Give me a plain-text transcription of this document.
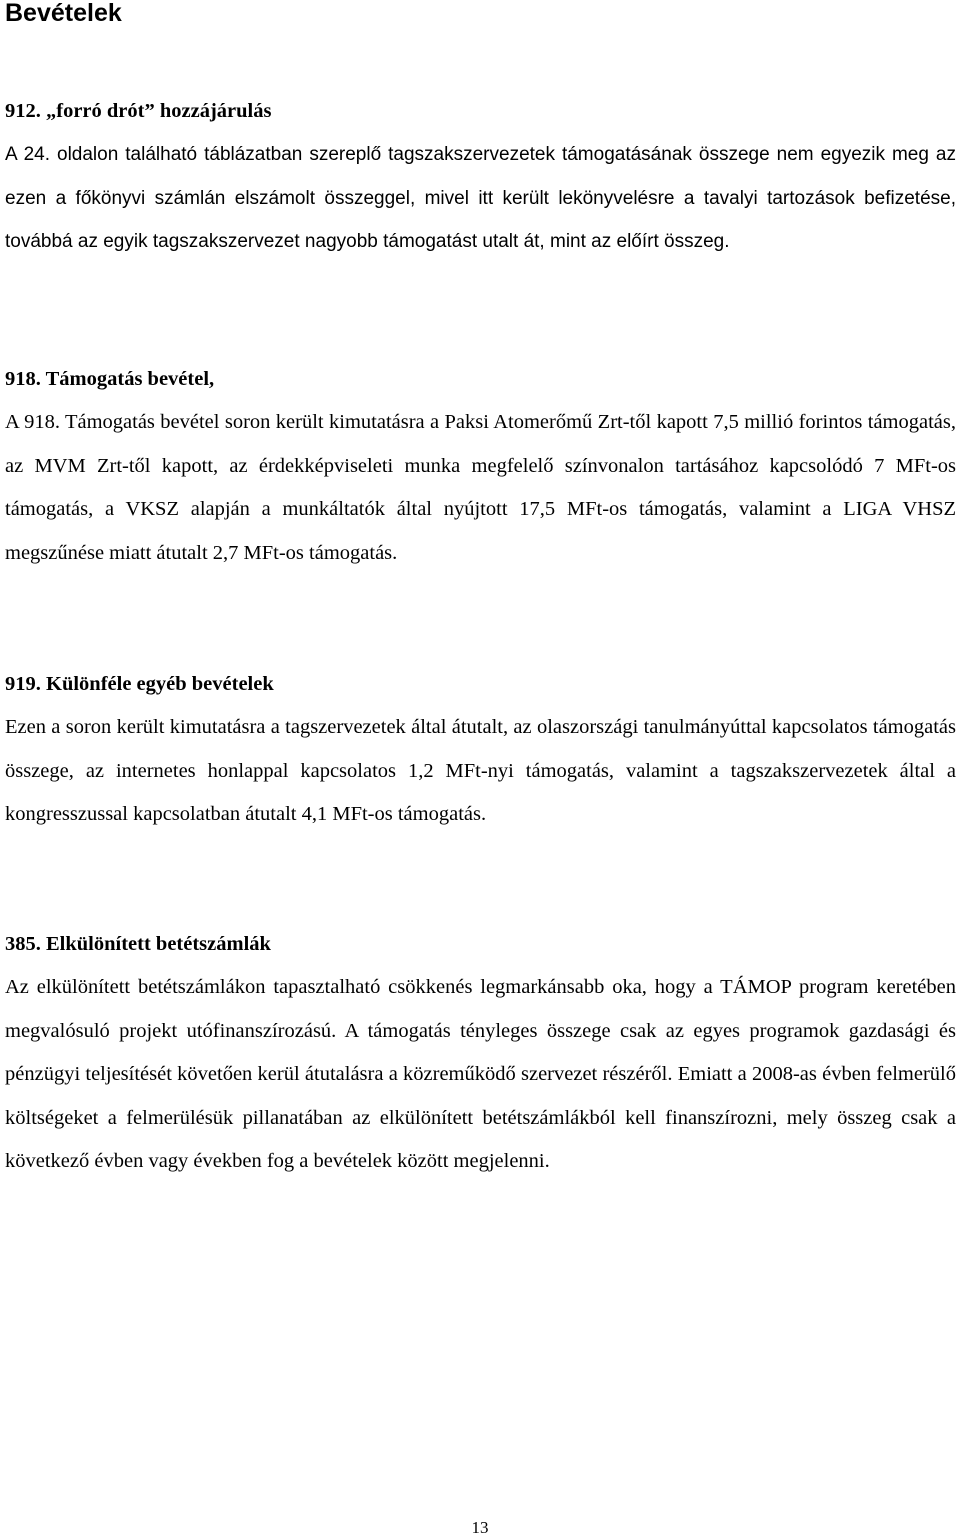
Bevételek
912. „forró drót” hozzájárulás

A 24. oldalon található táblázatban szereplő tagszakszervezetek támogatásának összege nem egyezik meg az ezen a főkönyvi számlán elszámolt összeggel, mivel itt került lekönyvelésre a tavalyi tartozások befizetése, továbbá az egyik tagszakszervezet nagyobb támogatást utalt át, mint az előírt összeg.

918. Támogatás bevétel,

A 918. Támogatás bevétel soron került kimutatásra a Paksi Atomerőmű Zrt-től kapott 7,5 millió forintos támogatás, az MVM Zrt-től kapott, az érdekképviseleti munka megfelelő színvonalon tartásához kapcsolódó 7 MFt-os támogatás, a VKSZ alapján a munkáltatók által nyújtott 17,5 MFt-os támogatás, valamint a LIGA VHSZ megszűnése miatt átutalt 2,7 MFt-os támogatás.

919. Különféle egyéb bevételek

Ezen a soron került kimutatásra a tagszervezetek által átutalt, az olaszországi tanulmányúttal kapcsolatos támogatás összege, az internetes honlappal kapcsolatos 1,2 MFt-nyi támogatás, valamint a tagszakszervezetek által a kongresszussal kapcsolatban átutalt 4,1 MFt-os támogatás.

385. Elkülönített betétszámlák

Az elkülönített betétszámlákon tapasztalható csökkenés legmarkánsabb oka, hogy a TÁMOP program keretében megvalósuló projekt utófinanszírozású. A támogatás tényleges összege csak az egyes programok gazdasági és pénzügyi teljesítését követően kerül átutalásra a közreműködő szervezet részéről. Emiatt a 2008-as évben felmerülő költségeket a felmerülésük pillanatában az elkülönített betétszámlákból kell finanszírozni, mely összeg csak a következő évben vagy években fog a bevételek között megjelenni.

13
